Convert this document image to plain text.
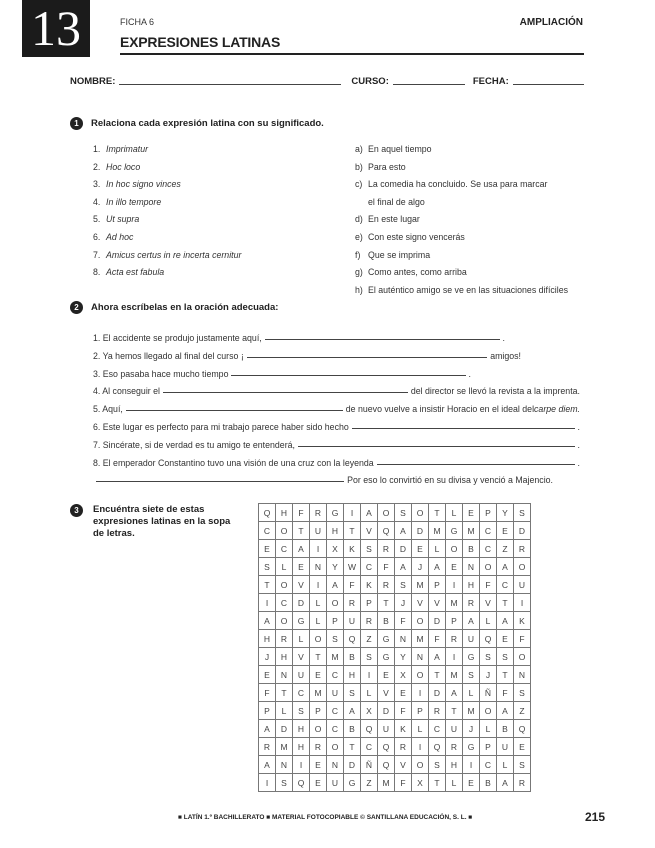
13	FICHA 6
EXPRESIONES LATINAS
AMPLIACIÓN
NOMBRE:	CURSO:	FECHA:
1	Relaciona cada expresión latina con su significado.
1. Imprimatur
2. Hoc loco
3. In hoc signo vinces
4. In illo tempore
5. Ut supra
6. Ad hoc
7. Amicus certus in re incerta cernitur
8. Acta est fabula
a) En aquel tiempo
b) Para esto
c) La comedia ha concluido. Se usa para marcar
el final de algo
d) En este lugar
e) Con este signo vencerás
f) Que se imprima
g) Como antes, como arriba
h) El auténtico amigo se ve en las situaciones difíciles
2	Ahora escríbelas en la oración adecuada:
3	Encuéntra siete de estas expresiones latinas en la sopa de letras.
Q	H	F	R	G	I	A	O	S	O	T	L	E	P	Y	S
C	O	T	U	H	T	V	Q	A	D	M	G	M	C	E	D
E	C	A	I	X	K	S	R	D	E	L	O	B	C	Z	R
S	L	E	N	Y	W	C	F	A	J	A	E	N	O	A	O
T	O	V	I	A	F	K	R	S	M	P	I	H	F	C	U
I	C	D	L	O	R	P	T	J	V	V	M	R	V	T	I
A	O	G	L	P	U	R	B	F	O	D	P	A	L	A	K
H	R	L	O	S	Q	Z	G	N	M	F	R	U	Q	E	F
J	H	V	T	M	B	S	G	Y	N	A	I	G	S	S	O
E	N	U	E	C	H	I	E	X	O	T	M	S	J	T	N
F	T	C	M	U	S	L	V	E	I	D	A	L	Ñ	F	S
P	L	S	P	C	A	X	D	F	P	R	T	M	O	A	Z
A	D	H	O	C	B	Q	U	K	L	C	U	J	L	B	Q
R	M	H	R	O	T	C	Q	R	I	Q	R	G	P	U	E
A	N	I	E	N	D	Ñ	Q	V	O	S	H	I	C	L	S
I	S	Q	E	U	G	Z	M	F	X	T	L	E	B	A	R
■ LATÍN 1.º BACHILLERATO ■ MATERIAL FOTOCOPIABLE © SANTILLANA EDUCACIÓN, S. L. ■	215
1. El accidente se produjo justamente aquí,	.
2. Ya hemos llegado al final del curso ¡	amigos!
3. Eso pasaba hace mucho tiempo	.
4. Al conseguir el	del director se llevó la revista a la imprenta.
5. Aquí,	de nuevo vuelve a insistir Horacio en el ideal del carpe diem.
6. Este lugar es perfecto para mi trabajo parece haber sido hecho	.
7. Sincérate, si de verdad es tu amigo te entenderá,	.
8. El emperador Constantino tuvo una visión de una cruz con la leyenda	.
Por eso lo convirtió en su divisa y venció a Majencio.
